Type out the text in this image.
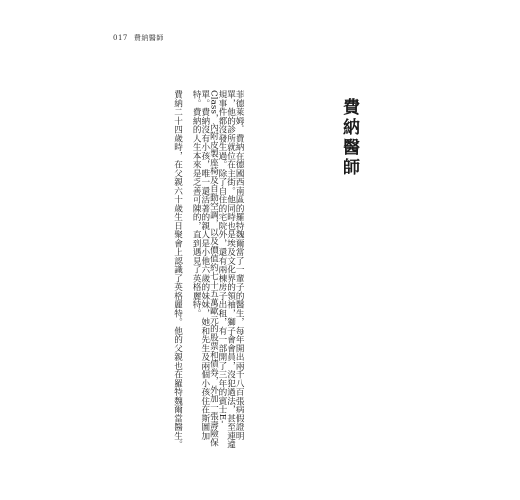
017 費納醫師
費納醫師

菲德萊姆．費納在德國西南區的羅特魏爾當了一輩子的醫生，每年開出兩千八百張病假證明單，他的診所就位在主街。他同時也是埃及文化界的領袖，獅子會會員，沒犯過法，甚至連違規事件都沒發生過。除了自住的宅院外，還有兩棟房子出租，有一部開了三年的賓士E-Class，內附皮製座椅及自動空調，以及價值約七十五萬歐元的股票和債券，外加一張壽險保單。費納沒有小孩，唯一還活著的親人是小他六歲的妹妹，她和先生及兩個小孩住在斯圖加特。費納的人生本來是乏善可陳的，直到遇見了英格麗特。

費納二十四歲時，在父親六十歲生日聚會上認識了英格麗特。他的父親也在羅特魏爾當醫生。
